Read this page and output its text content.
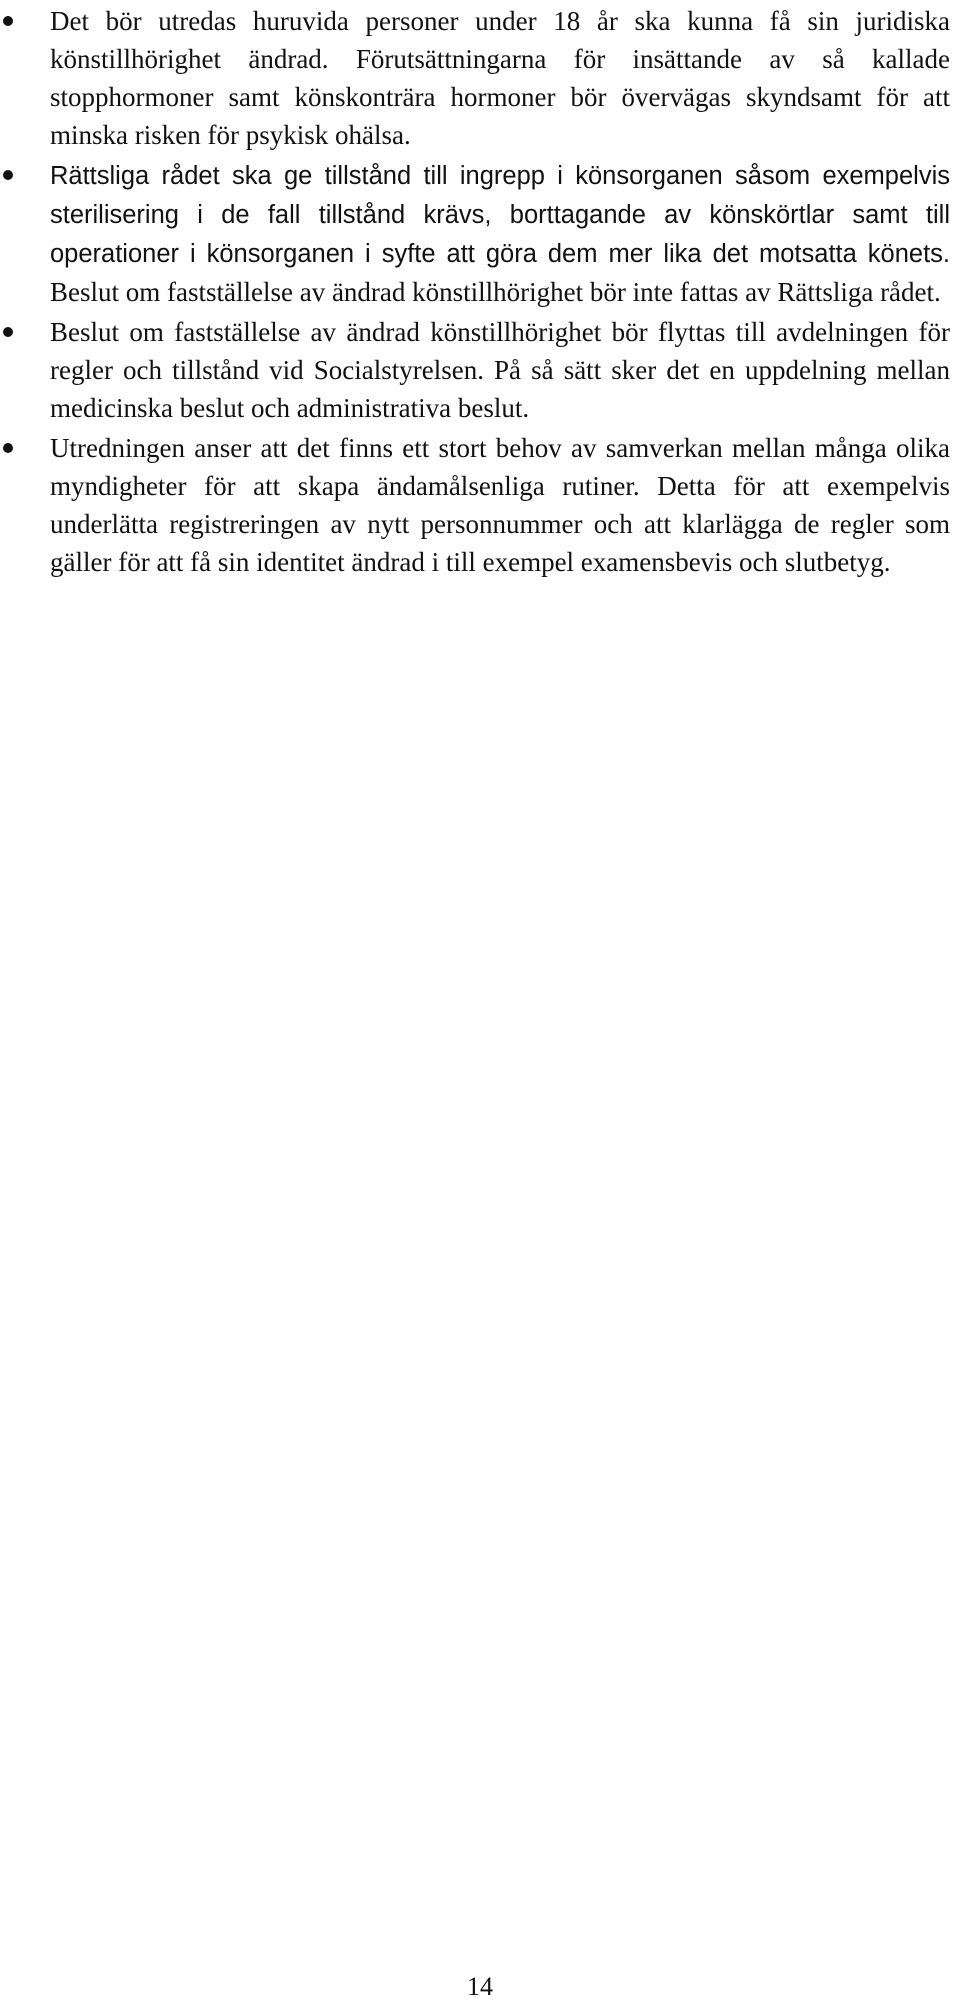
Det bör utredas huruvida personer under 18 år ska kunna få sin juridiska könstillhörighet ändrad. Förutsättningarna för insättande av så kallade stopphormoner samt könskonträra hormoner bör övervägas skyndsamt för att minska risken för psykisk ohälsa.
Rättsliga rådet ska ge tillstånd till ingrepp i könsorganen såsom exempelvis sterilisering i de fall tillstånd krävs, borttagande av könskörtlar samt till operationer i könsorganen i syfte att göra dem mer lika det motsatta könets. Beslut om fastställelse av ändrad könstillhörighet bör inte fattas av Rättsliga rådet.
Beslut om fastställelse av ändrad könstillhörighet bör flyttas till avdelningen för regler och tillstånd vid Socialstyrelsen. På så sätt sker det en uppdelning mellan medicinska beslut och administrativa beslut.
Utredningen anser att det finns ett stort behov av samverkan mellan många olika myndigheter för att skapa ändamålsenliga rutiner. Detta för att exempelvis underlätta registreringen av nytt personnummer och att klarlägga de regler som gäller för att få sin identitet ändrad i till exempel examensbevis och slutbetyg.
14
